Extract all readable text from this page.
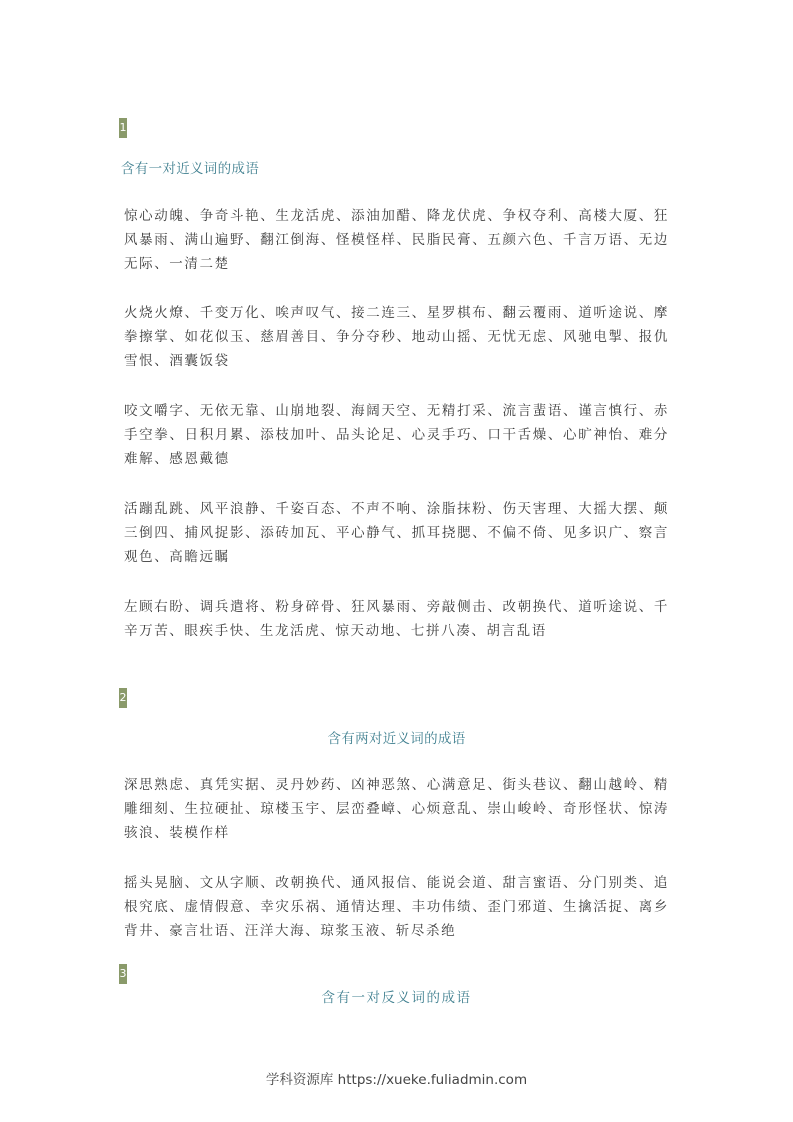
1
含有一对近义词的成语

惊心动魄、争奇斗艳、生龙活虎、添油加醋、降龙伏虎、争权夺利、高楼大厦、狂风暴雨、满山遍野、翻江倒海、怪模怪样、民脂民膏、五颜六色、千言万语、无边无际、一清二楚

火烧火燎、千变万化、唉声叹气、接二连三、星罗棋布、翻云覆雨、道听途说、摩拳擦掌、如花似玉、慈眉善目、争分夺秒、地动山摇、无忧无虑、风驰电掣、报仇雪恨、酒囊饭袋

咬文嚼字、无依无靠、山崩地裂、海阔天空、无精打采、流言蜚语、谨言慎行、赤手空拳、日积月累、添枝加叶、品头论足、心灵手巧、口干舌燥、心旷神怡、难分难解、感恩戴德

活蹦乱跳、风平浪静、千姿百态、不声不响、涂脂抹粉、伤天害理、大摇大摆、颠三倒四、捕风捉影、添砖加瓦、平心静气、抓耳挠腮、不偏不倚、见多识广、察言观色、高瞻远瞩

左顾右盼、调兵遣将、粉身碎骨、狂风暴雨、旁敲侧击、改朝换代、道听途说、千辛万苦、眼疾手快、生龙活虎、惊天动地、七拼八凑、胡言乱语

2
含有两对近义词的成语

深思熟虑、真凭实据、灵丹妙药、凶神恶煞、心满意足、街头巷议、翻山越岭、精雕细刻、生拉硬扯、琼楼玉宇、层峦叠嶂、心烦意乱、崇山峻岭、奇形怪状、惊涛骇浪、装模作样

摇头晃脑、文从字顺、改朝换代、通风报信、能说会道、甜言蜜语、分门别类、追根究底、虚情假意、幸灾乐祸、通情达理、丰功伟绩、歪门邪道、生擒活捉、离乡背井、豪言壮语、汪洋大海、琼浆玉液、斩尽杀绝

3
含有一对反义词的成语
学科资源库 https://xueke.fuliadmin.com
